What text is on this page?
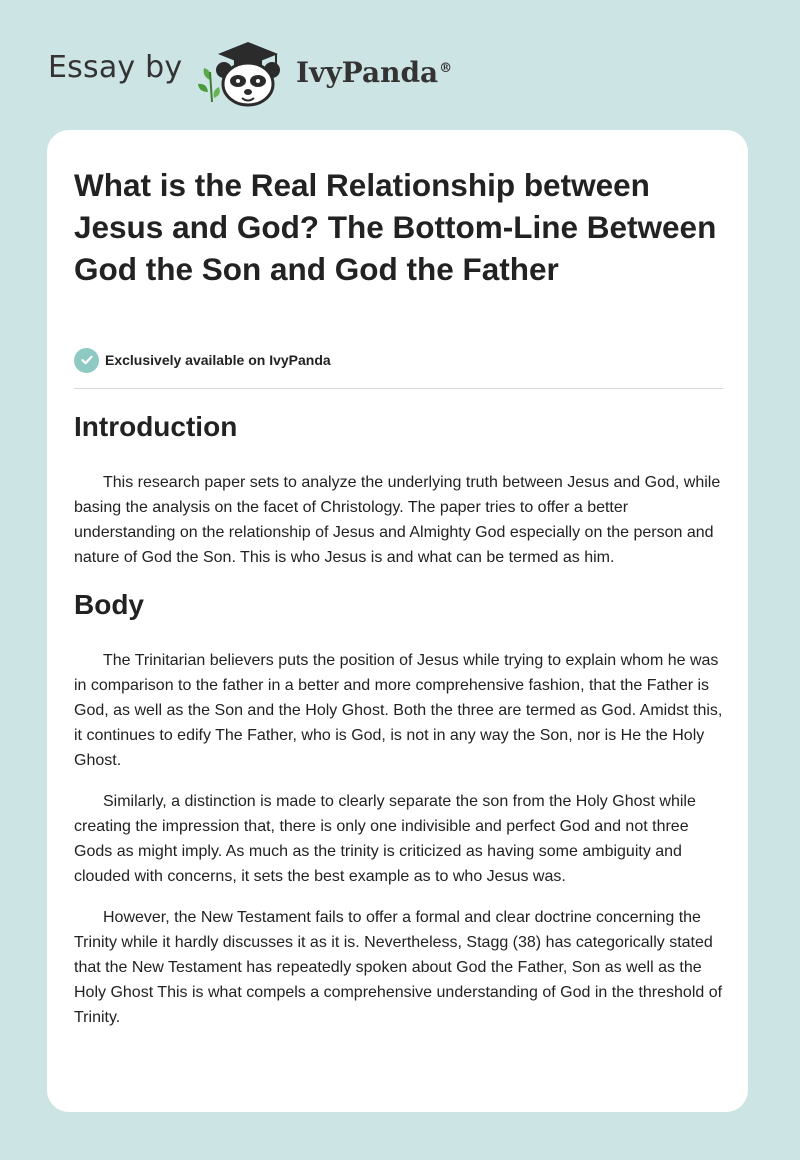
Essay by	IvyPanda®
What is the Real Relationship between Jesus and God? The Bottom-Line Between God the Son and God the Father
Exclusively available on IvyPanda
Introduction

This research paper sets to analyze the underlying truth between Jesus and God, while basing the analysis on the facet of Christology. The paper tries to offer a better understanding on the relationship of Jesus and Almighty God especially on the person and nature of God the Son. This is who Jesus is and what can be termed as him.

Body

The Trinitarian believers puts the position of Jesus while trying to explain whom he was in comparison to the father in a better and more comprehensive fashion, that the Father is God, as well as the Son and the Holy Ghost. Both the three are termed as God. Amidst this, it continues to edify The Father, who is God, is not in any way the Son, nor is He the Holy Ghost.

Similarly, a distinction is made to clearly separate the son from the Holy Ghost while creating the impression that, there is only one indivisible and perfect God and not three Gods as might imply. As much as the trinity is criticized as having some ambiguity and clouded with concerns, it sets the best example as to who Jesus was.

However, the New Testament fails to offer a formal and clear doctrine concerning the Trinity while it hardly discusses it as it is. Nevertheless, Stagg (38) has categorically stated that the New Testament has repeatedly spoken about God the Father, Son as well as the Holy Ghost This is what compels a comprehensive understanding of God in the threshold of Trinity.
